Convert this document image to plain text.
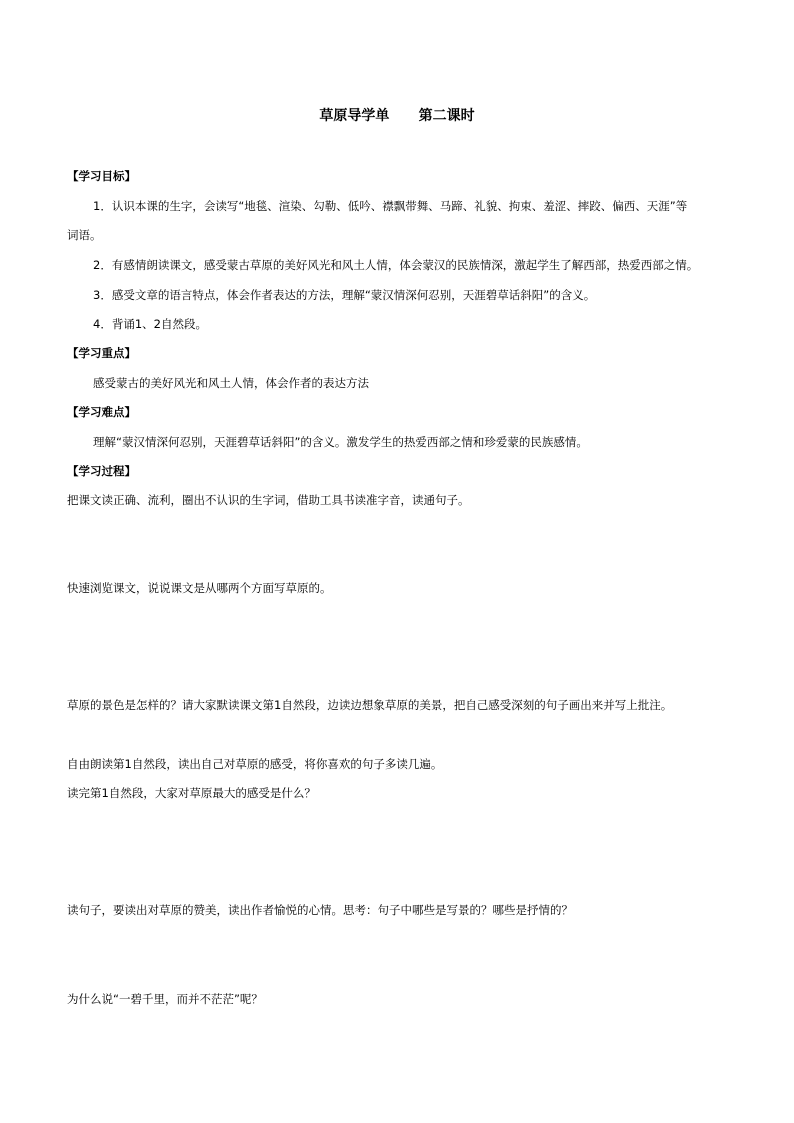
草原导学单      第二课时
【学习目标】
1．认识本课的生字，会读写“地毯、渲染、勾勒、低吟、襟飘带舞、马蹄、礼貌、拘束、羞涩、摔跤、偏西、天涯”等
词语。
2．有感情朗读课文，感受蒙古草原的美好风光和风土人情，体会蒙汉的民族情深，激起学生了解西部，热爱西部之情。
3．感受文章的语言特点，体会作者表达的方法，理解“蒙汉情深何忍别，天涯碧草话斜阳”的含义。
4．背诵1、2自然段。
【学习重点】
感受蒙古的美好风光和风土人情，体会作者的表达方法
【学习难点】
理解“蒙汉情深何忍别，天涯碧草话斜阳”的含义。激发学生的热爱西部之情和珍爱蒙的民族感情。
【学习过程】
把课文读正确、流利，圈出不认识的生字词，借助工具书读准字音，读通句子。
快速浏览课文，说说课文是从哪两个方面写草原的。
草原的景色是怎样的？请大家默读课文第1自然段，边读边想象草原的美景，把自己感受深刻的句子画出来并写上批注。
自由朗读第1自然段，读出自己对草原的感受，将你喜欢的句子多读几遍。
读完第1自然段，大家对草原最大的感受是什么？
读句子，要读出对草原的赞美，读出作者愉悦的心情。思考：句子中哪些是写景的？哪些是抒情的？
为什么说“一碧千里，而并不茫茫”呢？
